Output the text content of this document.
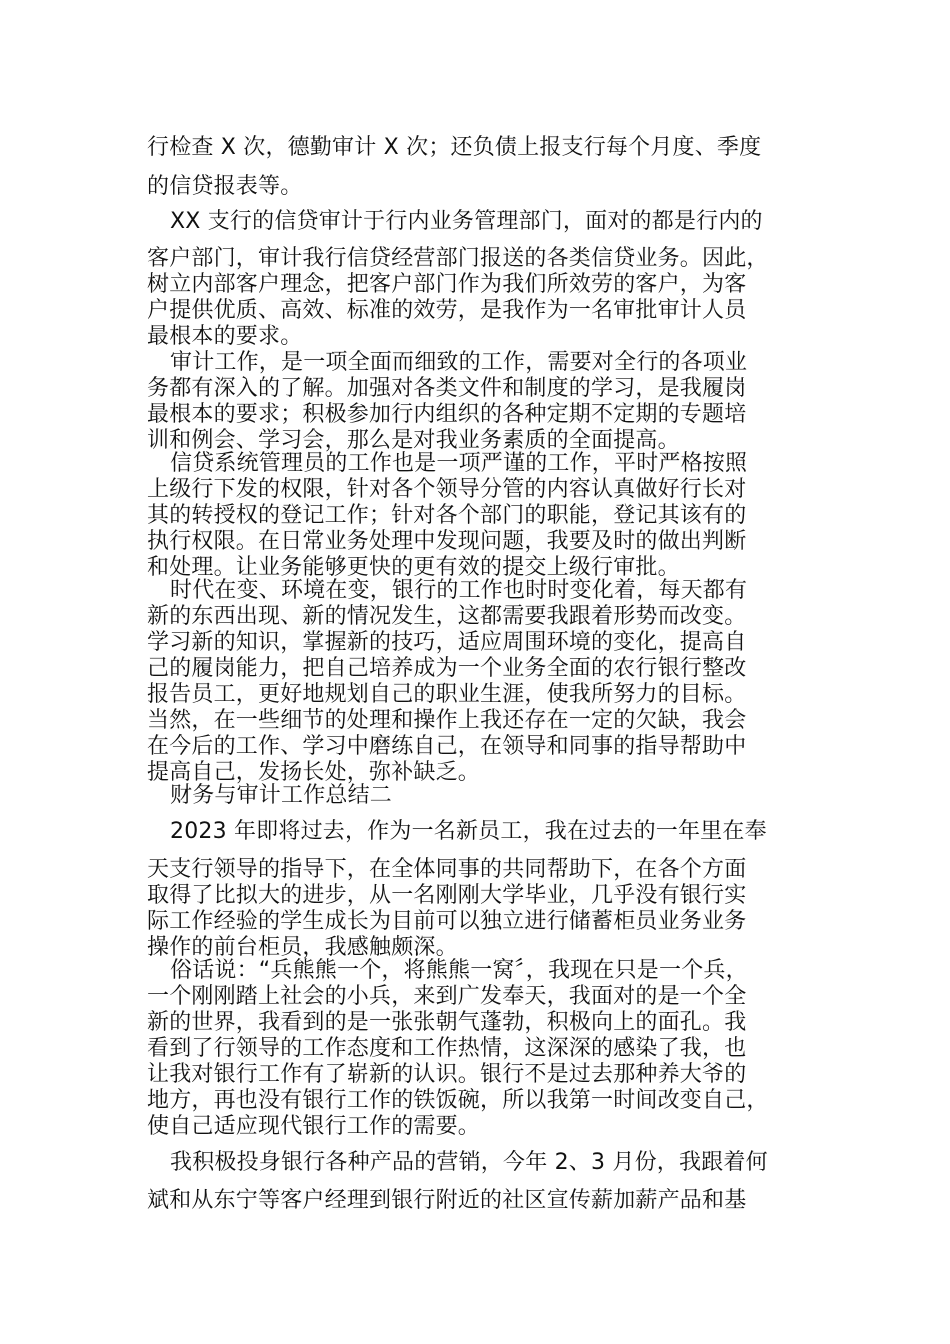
行检查 X 次，德勤审计 X 次；还负债上报支行每个月度、季度
的信贷报表等。
XX 支行的信贷审计于行内业务管理部门，面对的都是行内的
客户部门，审计我行信贷经营部门报送的各类信贷业务。因此，
树立内部客户理念，把客户部门作为我们所效劳的客户，为客
户提供优质、高效、标准的效劳，是我作为一名审批审计人员
最根本的要求。
审计工作，是一项全面而细致的工作，需要对全行的各项业
务都有深入的了解。加强对各类文件和制度的学习，是我履岗
最根本的要求；积极参加行内组织的各种定期不定期的专题培
训和例会、学习会，那么是对我业务素质的全面提高。
信贷系统管理员的工作也是一项严谨的工作，平时严格按照
上级行下发的权限，针对各个领导分管的内容认真做好行长对
其的转授权的登记工作；针对各个部门的职能，登记其该有的
执行权限。在日常业务处理中发现问题，我要及时的做出判断
和处理。让业务能够更快的更有效的提交上级行审批。
时代在变、环境在变，银行的工作也时时变化着，每天都有
新的东西出现、新的情况发生，这都需要我跟着形势而改变。
学习新的知识，掌握新的技巧，适应周围环境的变化，提高自
己的履岗能力，把自己培养成为一个业务全面的农行银行整改
报告员工，更好地规划自己的职业生涯，使我所努力的目标。
当然，在一些细节的处理和操作上我还存在一定的欠缺，我会
在今后的工作、学习中磨练自己，在领导和同事的指导帮助中
提高自己，发扬长处，弥补缺乏。
财务与审计工作总结二
2023 年即将过去，作为一名新员工，我在过去的一年里在奉
天支行领导的指导下，在全体同事的共同帮助下，在各个方面
取得了比拟大的进步，从一名刚刚大学毕业，几乎没有银行实
际工作经验的学生成长为目前可以独立进行储蓄柜员业务业务
操作的前台柜员，我感触颇深。
俗话说：“兵熊熊一个，将熊熊一窝〞，我现在只是一个兵，
一个刚刚踏上社会的小兵，来到广发奉天，我面对的是一个全
新的世界，我看到的是一张张朝气蓬勃，积极向上的面孔。我
看到了行领导的工作态度和工作热情，这深深的感染了我，也
让我对银行工作有了崭新的认识。银行不是过去那种养大爷的
地方，再也没有银行工作的铁饭碗，所以我第一时间改变自己，
使自己适应现代银行工作的需要。
我积极投身银行各种产品的营销，今年 2、3 月份，我跟着何
斌和从东宁等客户经理到银行附近的社区宣传薪加薪产品和基
